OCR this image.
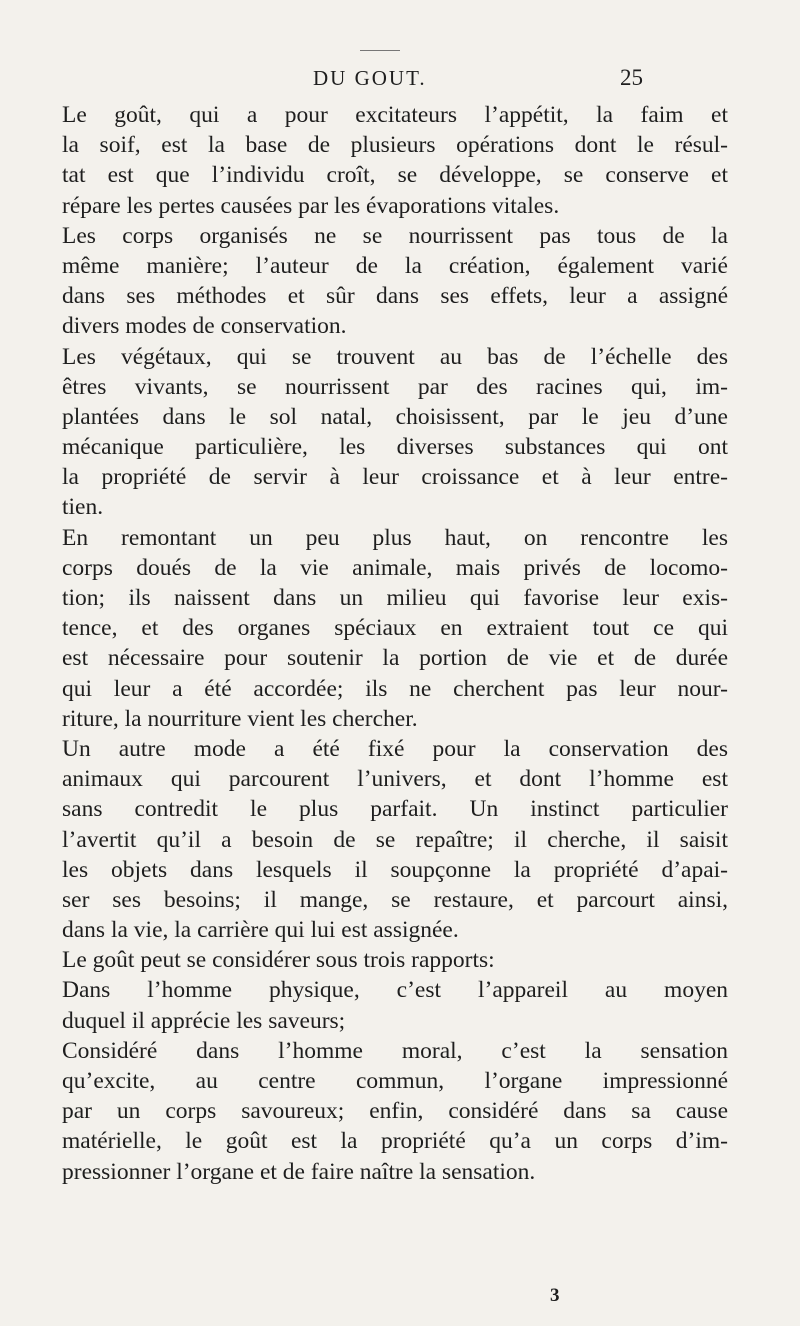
DU GOUT.	25
Le goût, qui a pour excitateurs l’appétit, la faim et
la soif, est la base de plusieurs opérations dont le résul-
tat est que l’individu croît, se développe, se conserve et
répare les pertes causées par les évaporations vitales.
Les corps organisés ne se nourrissent pas tous de la
même manière; l’auteur de la création, également varié
dans ses méthodes et sûr dans ses effets, leur a assigné
divers modes de conservation.
Les végétaux, qui se trouvent au bas de l’échelle des
êtres vivants, se nourrissent par des racines qui, im-
plantées dans le sol natal, choisissent, par le jeu d’une
mécanique particulière, les diverses substances qui ont
la propriété de servir à leur croissance et à leur entre-
tien.
En remontant un peu plus haut, on rencontre les
corps doués de la vie animale, mais privés de locomo-
tion; ils naissent dans un milieu qui favorise leur exis-
tence, et des organes spéciaux en extraient tout ce qui
est nécessaire pour soutenir la portion de vie et de durée
qui leur a été accordée; ils ne cherchent pas leur nour-
riture, la nourriture vient les chercher.
Un autre mode a été fixé pour la conservation des
animaux qui parcourent l’univers, et dont l’homme est
sans contredit le plus parfait. Un instinct particulier
l’avertit qu’il a besoin de se repaître; il cherche, il saisit
les objets dans lesquels il soupçonne la propriété d’apai-
ser ses besoins; il mange, se restaure, et parcourt ainsi,
dans la vie, la carrière qui lui est assignée.
Le goût peut se considérer sous trois rapports:
Dans l’homme physique, c’est l’appareil au moyen
duquel il apprécie les saveurs;
Considéré dans l’homme moral, c’est la sensation
qu’excite, au centre commun, l’organe impressionné
par un corps savoureux; enfin, considéré dans sa cause
matérielle, le goût est la propriété qu’a un corps d’im-
pressionner l’organe et de faire naître la sensation.
3
